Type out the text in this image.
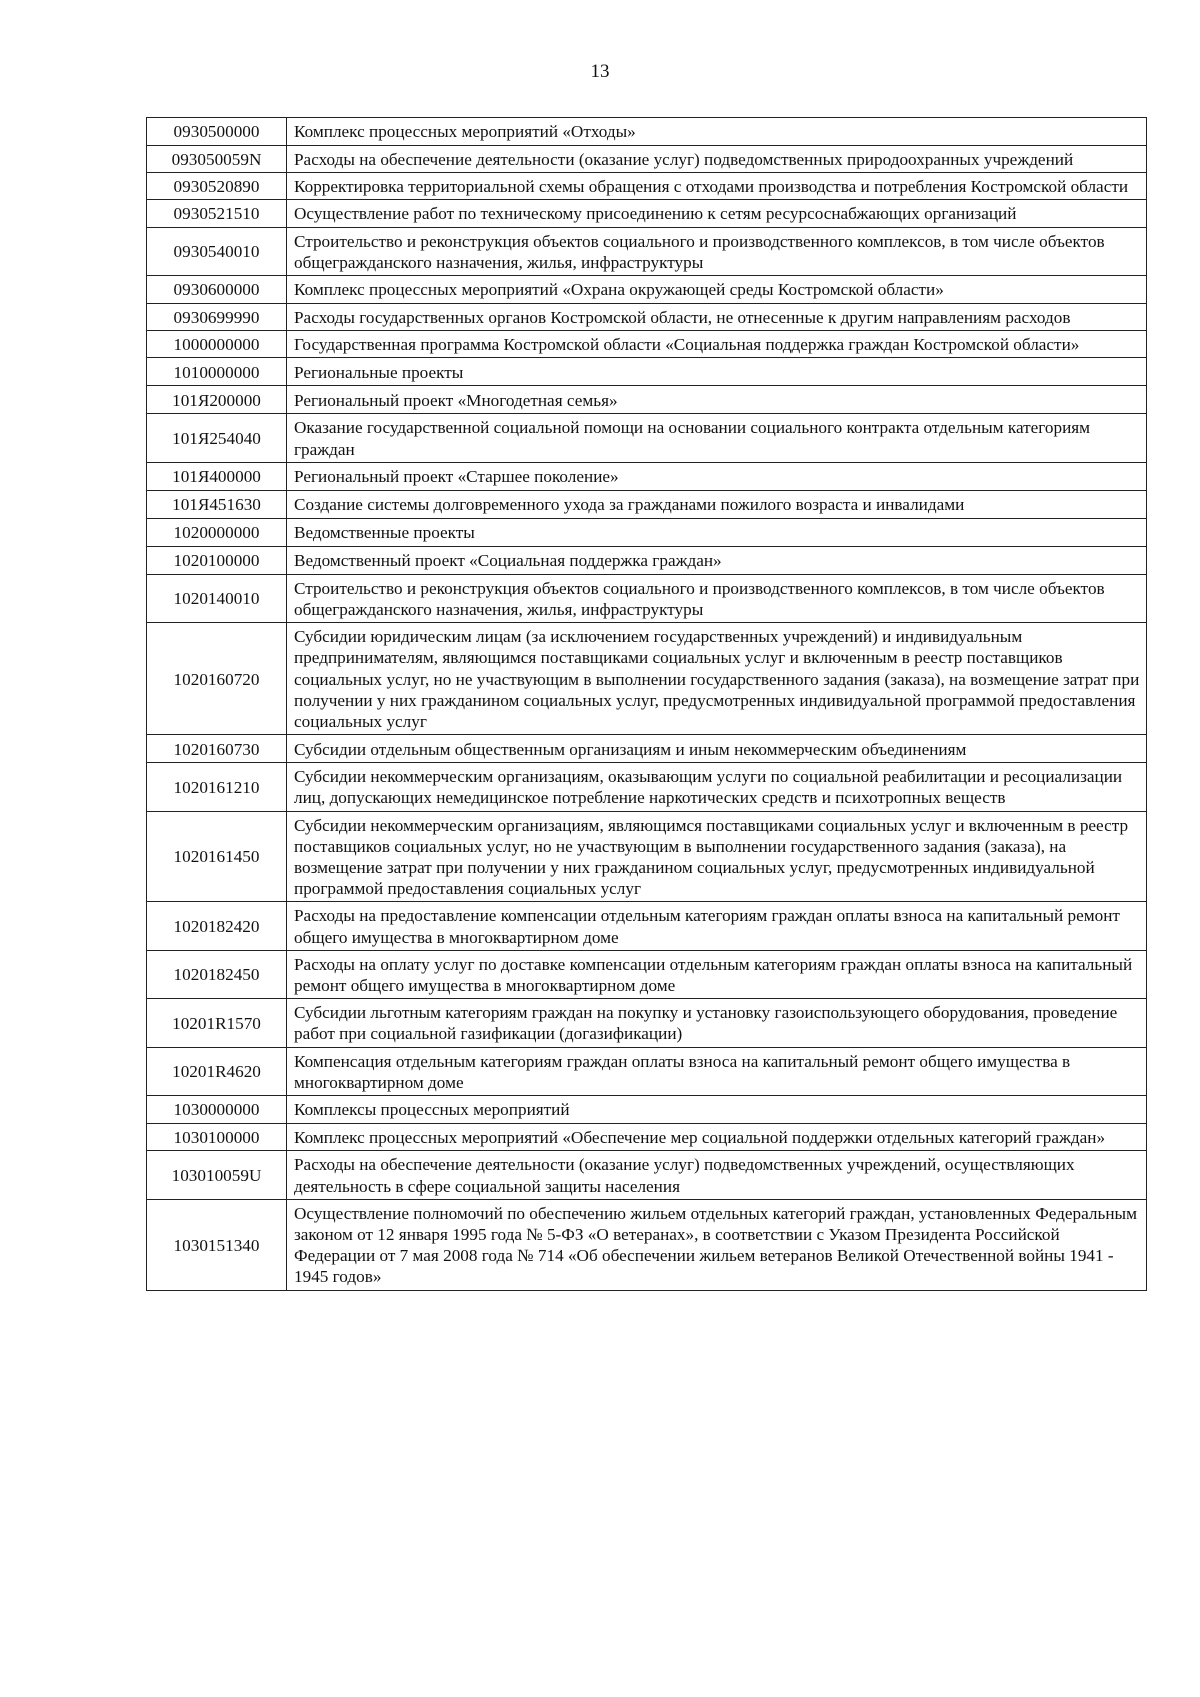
13
0930500000	Комплекс процессных мероприятий «Отходы»
093050059N	Расходы на обеспечение деятельности (оказание услуг) подведомственных природоохранных учреждений
0930520890	Корректировка территориальной схемы обращения с отходами производства и потребления Костромской области
0930521510	Осуществление работ по техническому присоединению к сетям ресурсоснабжающих организаций
0930540010	Строительство и реконструкция объектов социального и производственного комплексов, в том числе объектов общегражданского назначения, жилья, инфраструктуры
0930600000	Комплекс процессных мероприятий «Охрана окружающей среды Костромской области»
0930699990	Расходы государственных органов Костромской области, не отнесенные к другим направлениям расходов
1000000000	Государственная программа Костромской области «Социальная поддержка граждан Костромской области»
1010000000	Региональные проекты
101Я200000	Региональный проект «Многодетная семья»
101Я254040	Оказание государственной социальной помощи на основании социального контракта отдельным категориям граждан
101Я400000	Региональный проект «Старшее поколение»
101Я451630	Создание системы долговременного ухода за гражданами пожилого возраста и инвалидами
1020000000	Ведомственные проекты
1020100000	Ведомственный проект «Социальная поддержка граждан»
1020140010	Строительство и реконструкция объектов социального и производственного комплексов, в том числе объектов общегражданского назначения, жилья, инфраструктуры
1020160720	Субсидии юридическим лицам (за исключением государственных учреждений) и индивидуальным предпринимателям, являющимся поставщиками социальных услуг и включенным в реестр поставщиков социальных услуг, но не участвующим в выполнении государственного задания (заказа), на возмещение затрат при получении у них гражданином социальных услуг, предусмотренных индивидуальной программой предоставления социальных услуг
1020160730	Субсидии отдельным общественным организациям и иным некоммерческим объединениям
1020161210	Субсидии некоммерческим организациям, оказывающим услуги по социальной реабилитации и ресоциализации лиц, допускающих немедицинское потребление наркотических средств и психотропных веществ
1020161450	Субсидии некоммерческим организациям, являющимся поставщиками социальных услуг и включенным в реестр поставщиков социальных услуг, но не участвующим в выполнении государственного задания (заказа), на возмещение затрат при получении у них гражданином социальных услуг, предусмотренных индивидуальной программой предоставления социальных услуг
1020182420	Расходы на предоставление компенсации отдельным категориям граждан оплаты взноса на капитальный ремонт общего имущества в многоквартирном доме
1020182450	Расходы на оплату услуг по доставке компенсации отдельным категориям граждан оплаты взноса на капитальный ремонт общего имущества в многоквартирном доме
10201R1570	Субсидии льготным категориям граждан на покупку и установку газоиспользующего оборудования, проведение работ при социальной газификации (догазификации)
10201R4620	Компенсация отдельным категориям граждан оплаты взноса на капитальный ремонт общего имущества в многоквартирном доме
1030000000	Комплексы процессных мероприятий
1030100000	Комплекс процессных мероприятий «Обеспечение мер социальной поддержки отдельных категорий граждан»
103010059U	Расходы на обеспечение деятельности (оказание услуг) подведомственных учреждений, осуществляющих деятельность в сфере социальной защиты населения
1030151340	Осуществление полномочий по обеспечению жильем отдельных категорий граждан, установленных Федеральным законом от 12 января 1995 года № 5-ФЗ «О ветеранах», в соответствии с Указом Президента Российской Федерации от 7 мая 2008 года № 714 «Об обеспечении жильем ветеранов Великой Отечественной войны 1941 - 1945 годов»
